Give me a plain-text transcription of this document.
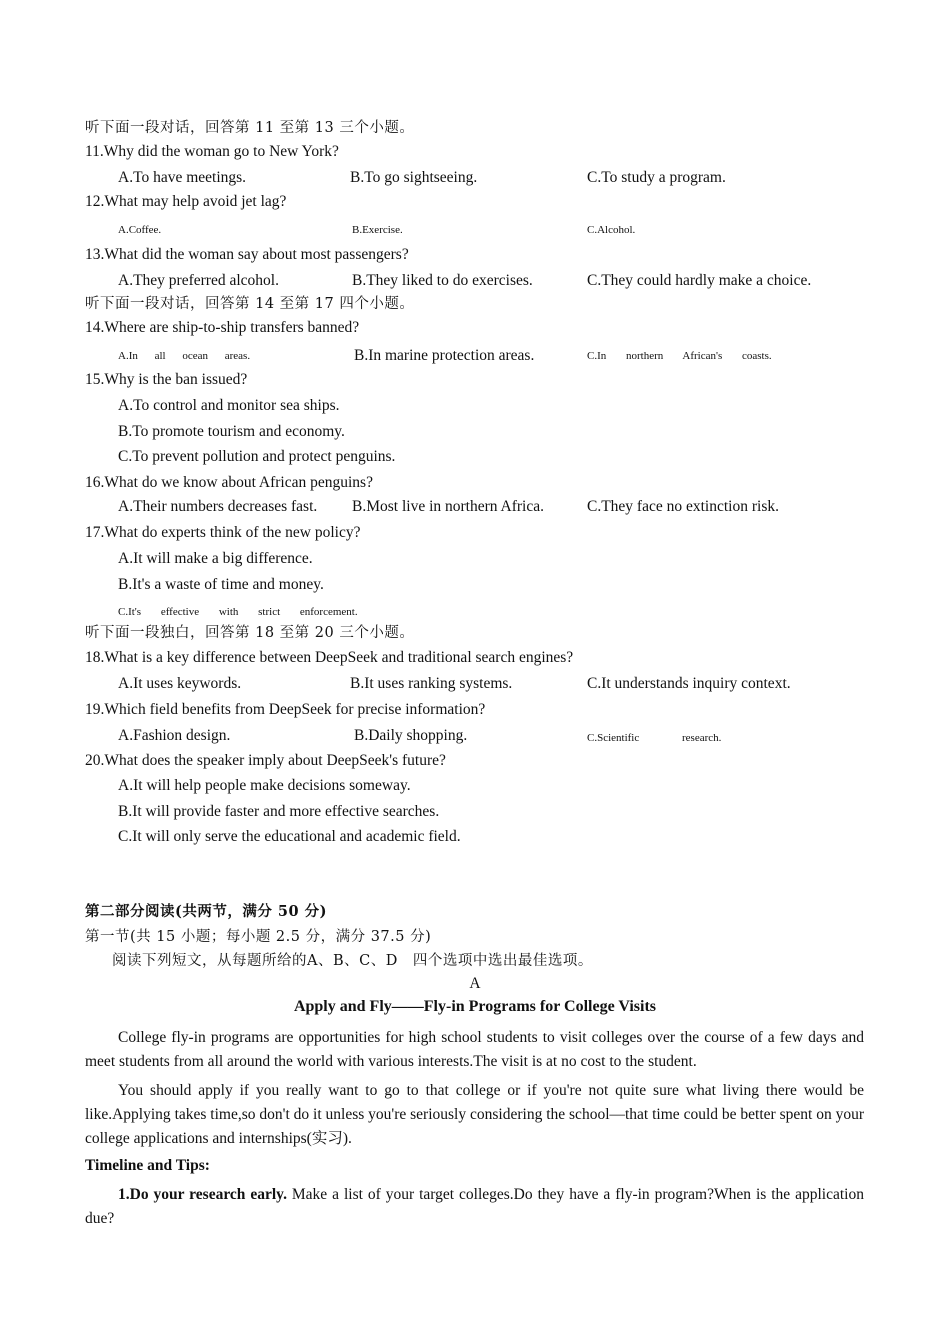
听下面一段对话，回答第 11 至第 13 三个小题。
11.Why did the woman go to New York?
A.To have meetings.	B.To go sightseeing.	C.To study a program.
12.What may help avoid jet lag?
A.Coffee.	B.Exercise.	C.Alcohol.
13.What did the woman say about most passengers?
A.They preferred alcohol.	B.They liked to do exercises.	C.They could hardly make a choice.
听下面一段对话，回答第 14 至第 17 四个小题。
14.Where are ship-to-ship transfers banned?
A.In all ocean areas.	B.In marine protection areas.	C.In northern African's coasts.
15.Why is the ban issued?
A.To control and monitor sea ships.
B.To promote tourism and economy.
C.To prevent pollution and protect penguins.
16.What do we know about African penguins?
A.Their numbers decreases fast. B.Most live in northern Africa.	C.They face no extinction risk.
17.What do experts think of the new policy?
A.It will make a big difference.
B.It's a waste of time and money.
C.It's effective with strict enforcement.
听下面一段独白，回答第 18 至第 20 三个小题。
18.What is a key difference between DeepSeek and traditional search engines?
A.It uses keywords.	B.It uses ranking systems.	C.It understands inquiry context.
19.Which field benefits from DeepSeek for precise information?
A.Fashion design.	B.Daily shopping.	C.Scientific research.
20.What does the speaker imply about DeepSeek's future?
A.It will help people make decisions someway.
B.It will provide faster and more effective searches.
C.It will only serve the educational and academic field.
第二部分阅读(共两节，满分 50 分)
第一节(共 15 小题；每小题 2.5 分，满分 37.5 分)
阅读下列短文，从每题所给的A、B、C、D　四个选项中选出最佳选项。
A
Apply and Fly——Fly-in Programs for College Visits
College fly-in programs are opportunities for high school students to visit colleges over the course of a few days and meet students from all around the world with various interests.The visit is at no cost to the student.
You should apply if you really want to go to that college or if you're not quite sure what living there would be like.Applying takes time,so don't do it unless you're seriously considering the school—that time could be better spent on your college applications and internships(实习).
Timeline and Tips:
1.Do your research early. Make a list of your target colleges.Do they have a fly-in program?When is the application due?
